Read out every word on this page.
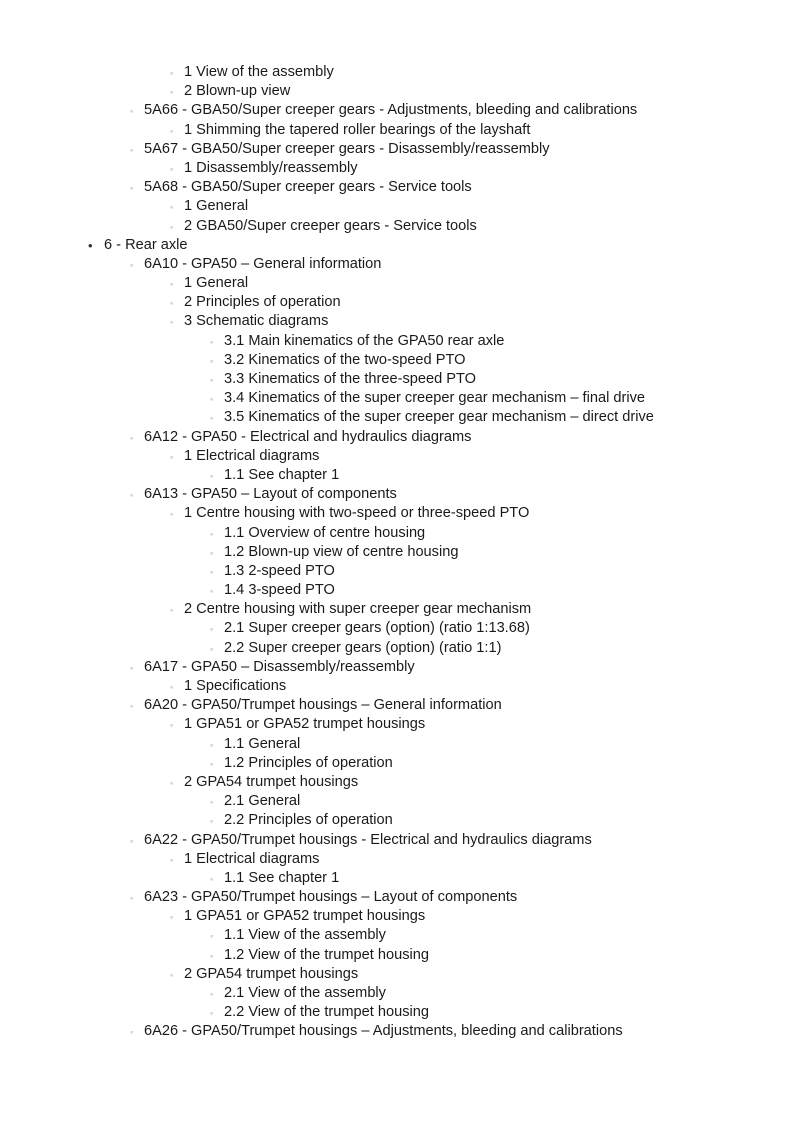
◦ 1 View of the assembly
◦ 2 Blown-up view
◦ 5A66 - GBA50/Super creeper gears - Adjustments, bleeding and calibrations
◦ 1 Shimming the tapered roller bearings of the layshaft
◦ 5A67 - GBA50/Super creeper gears - Disassembly/reassembly
◦ 1 Disassembly/reassembly
◦ 5A68 - GBA50/Super creeper gears - Service tools
◦ 1 General
◦ 2 GBA50/Super creeper gears - Service tools
• 6 - Rear axle
◦ 6A10 - GPA50 – General information
◦ 1 General
◦ 2 Principles of operation
◦ 3 Schematic diagrams
◦ 3.1 Main kinematics of the GPA50 rear axle
◦ 3.2 Kinematics of the two-speed PTO
◦ 3.3 Kinematics of the three-speed PTO
◦ 3.4 Kinematics of the super creeper gear mechanism – final drive
◦ 3.5 Kinematics of the super creeper gear mechanism – direct drive
◦ 6A12 - GPA50 - Electrical and hydraulics diagrams
◦ 1 Electrical diagrams
◦ 1.1 See chapter 1
◦ 6A13 - GPA50 – Layout of components
◦ 1 Centre housing with two-speed or three-speed PTO
◦ 1.1 Overview of centre housing
◦ 1.2 Blown-up view of centre housing
◦ 1.3 2-speed PTO
◦ 1.4 3-speed PTO
◦ 2 Centre housing with super creeper gear mechanism
◦ 2.1 Super creeper gears (option) (ratio 1:13.68)
◦ 2.2 Super creeper gears (option) (ratio 1:1)
◦ 6A17 - GPA50 – Disassembly/reassembly
◦ 1 Specifications
◦ 6A20 - GPA50/Trumpet housings – General information
◦ 1 GPA51 or GPA52 trumpet housings
◦ 1.1 General
◦ 1.2 Principles of operation
◦ 2 GPA54 trumpet housings
◦ 2.1 General
◦ 2.2 Principles of operation
◦ 6A22 - GPA50/Trumpet housings - Electrical and hydraulics diagrams
◦ 1 Electrical diagrams
◦ 1.1 See chapter 1
◦ 6A23 - GPA50/Trumpet housings – Layout of components
◦ 1 GPA51 or GPA52 trumpet housings
◦ 1.1 View of the assembly
◦ 1.2 View of the trumpet housing
◦ 2 GPA54 trumpet housings
◦ 2.1 View of the assembly
◦ 2.2 View of the trumpet housing
◦ 6A26 - GPA50/Trumpet housings – Adjustments, bleeding and calibrations
